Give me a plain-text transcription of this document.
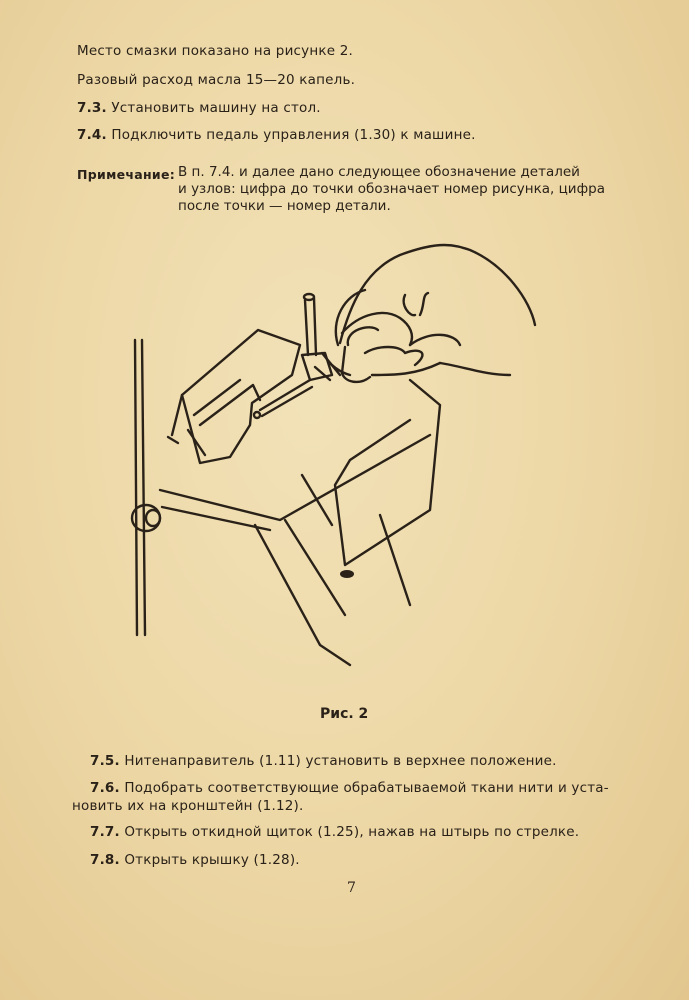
Место смазки показано на рисунке 2.
Разовый расход масла 15—20 капель.
7.3. Установить машину на стол.
7.4. Подключить педаль управления (1.30) к машине.
Примечание: В п. 7.4. и далее дано следующее обозначение деталей
и узлов: цифра до точки обозначает номер рисунка, цифра
после точки — номер детали.
Рис. 2
7.5. Нитенаправитель (1.11) установить в верхнее положение.
7.6. Подобрать соответствующие обрабатываемой ткани нити и уста-
новить их на кронштейн (1.12).
7.7. Открыть откидной щиток (1.25), нажав на штырь по стрелке.
7.8. Открыть крышку (1.28).
7
